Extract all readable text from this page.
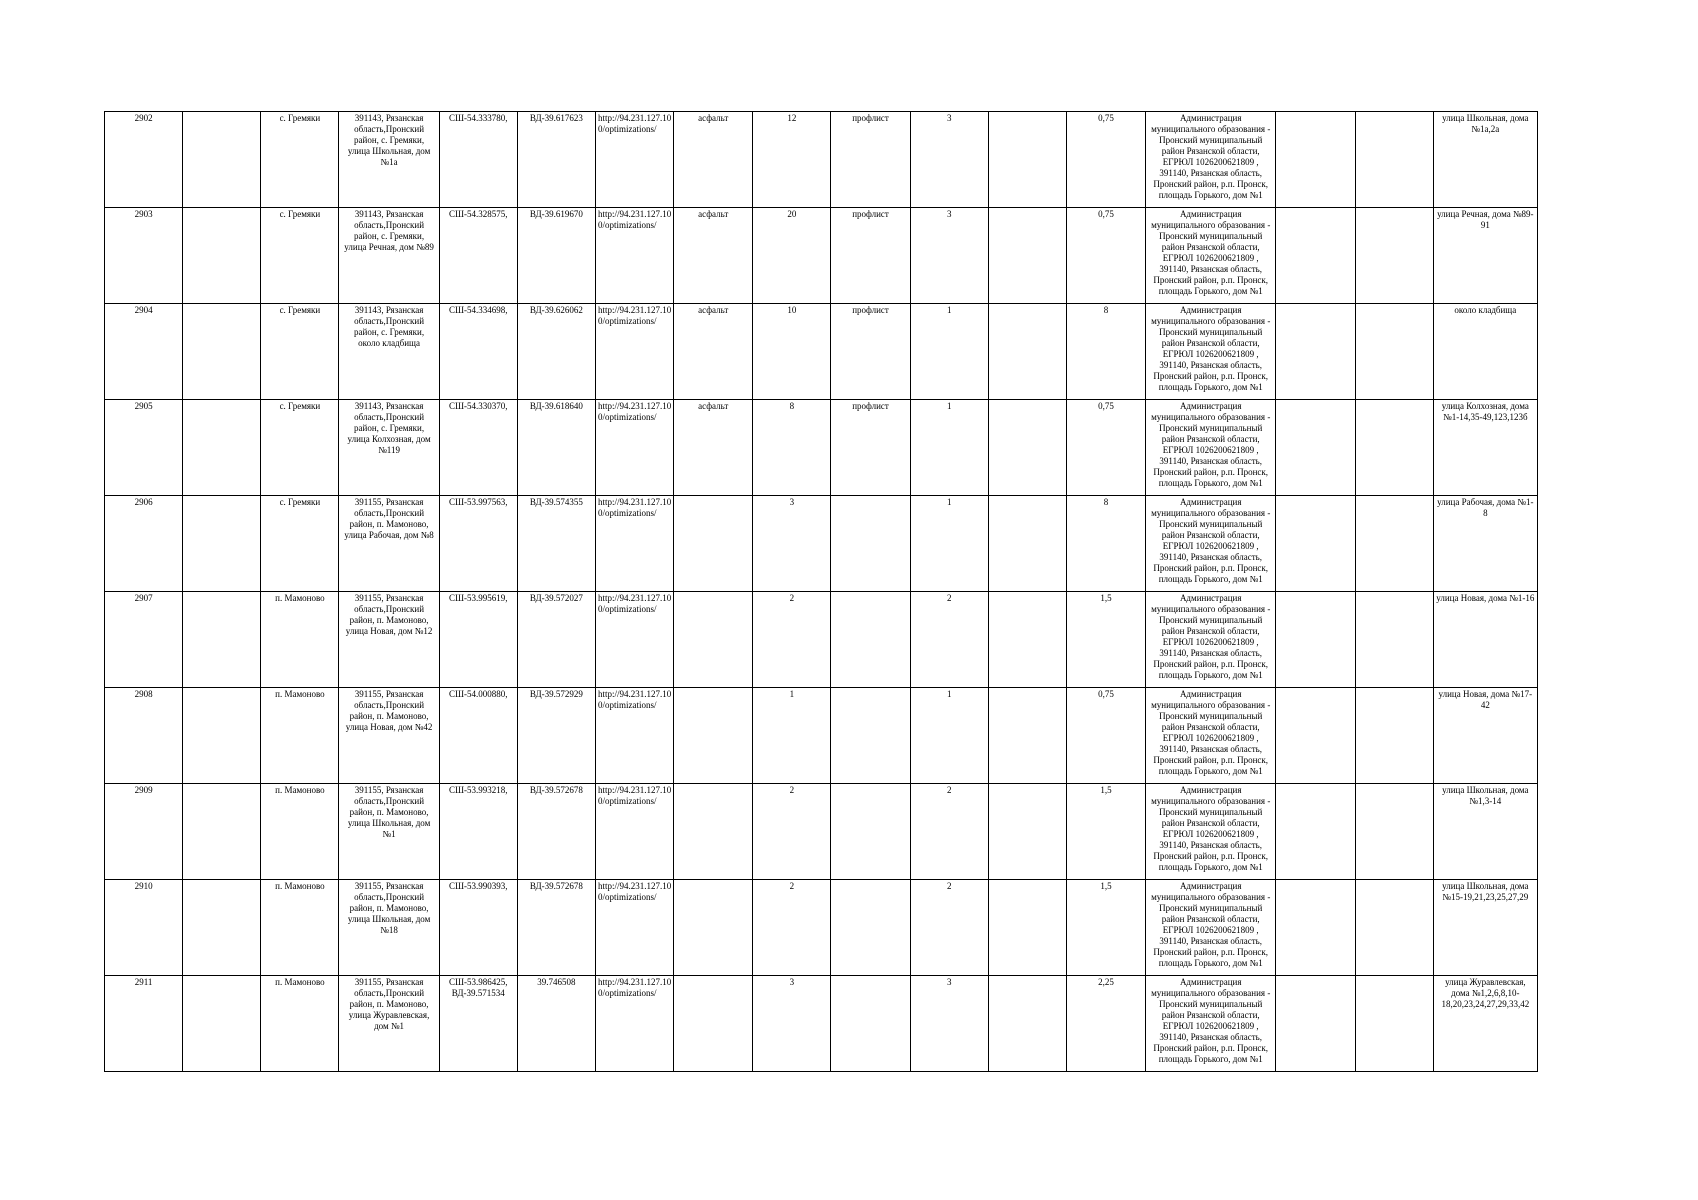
2902		с. Гремяки	391143, Рязанская область,Пронский район, с. Гремяки, улица Школьная, дом №1а	СШ-54.333780,	ВД-39.617623	http://94.231.127.10 0/optimizations/	асфальт	12	профлист	3		0,75	Администрация муниципального образования - Пронский муниципальный район Рязанской области, ЕГРЮЛ 1026200621809 , 391140, Рязанская область, Пронский район, р.п. Пронск, площадь Горького, дом №1			улица Школьная, дома №1а,2а
2903		с. Гремяки	391143, Рязанская область,Пронский район, с. Гремяки, улица Речная, дом №89	СШ-54.328575,	ВД-39.619670	http://94.231.127.10 0/optimizations/	асфальт	20	профлист	3		0,75	Администрация муниципального образования - Пронский муниципальный район Рязанской области, ЕГРЮЛ 1026200621809 , 391140, Рязанская область, Пронский район, р.п. Пронск, площадь Горького, дом №1			улица Речная, дома №89-91
2904		с. Гремяки	391143, Рязанская область,Пронский район, с. Гремяки, около кладбища	СШ-54.334698,	ВД-39.626062	http://94.231.127.10 0/optimizations/	асфальт	10	профлист	1		8	Администрация муниципального образования - Пронский муниципальный район Рязанской области, ЕГРЮЛ 1026200621809 , 391140, Рязанская область, Пронский район, р.п. Пронск, площадь Горького, дом №1			около кладбища
2905		с. Гремяки	391143, Рязанская область,Пронский район, с. Гремяки, улица Колхозная, дом №119	СШ-54.330370,	ВД-39.618640	http://94.231.127.10 0/optimizations/	асфальт	8	профлист	1		0,75	Администрация муниципального образования - Пронский муниципальный район Рязанской области, ЕГРЮЛ 1026200621809 , 391140, Рязанская область, Пронский район, р.п. Пронск, площадь Горького, дом №1			улица Колхозная, дома №1-14,35-49,123,123б
2906		с. Гремяки	391155, Рязанская область,Пронский район, п. Мамоново, улица Рабочая, дом №8	СШ-53.997563,	ВД-39.574355	http://94.231.127.10 0/optimizations/		3		1		8	Администрация муниципального образования - Пронский муниципальный район Рязанской области, ЕГРЮЛ 1026200621809 , 391140, Рязанская область, Пронский район, р.п. Пронск, площадь Горького, дом №1			улица Рабочая, дома №1-8
2907		п. Мамоново	391155, Рязанская область,Пронский район, п. Мамоново, улица Новая, дом №12	СШ-53.995619,	ВД-39.572027	http://94.231.127.10 0/optimizations/		2		2		1,5	Администрация муниципального образования - Пронский муниципальный район Рязанской области, ЕГРЮЛ 1026200621809 , 391140, Рязанская область, Пронский район, р.п. Пронск, площадь Горького, дом №1			улица Новая, дома №1-16
2908		п. Мамоново	391155, Рязанская область,Пронский район, п. Мамоново, улица Новая, дом №42	СШ-54.000880,	ВД-39.572929	http://94.231.127.10 0/optimizations/		1		1		0,75	Администрация муниципального образования - Пронский муниципальный район Рязанской области, ЕГРЮЛ 1026200621809 , 391140, Рязанская область, Пронский район, р.п. Пронск, площадь Горького, дом №1			улица Новая, дома №17-42
2909		п. Мамоново	391155, Рязанская область,Пронский район, п. Мамоново, улица Школьная, дом №1	СШ-53.993218,	ВД-39.572678	http://94.231.127.10 0/optimizations/		2		2		1,5	Администрация муниципального образования - Пронский муниципальный район Рязанской области, ЕГРЮЛ 1026200621809 , 391140, Рязанская область, Пронский район, р.п. Пронск, площадь Горького, дом №1			улица Школьная, дома №1,3-14
2910		п. Мамоново	391155, Рязанская область,Пронский район, п. Мамоново, улица Школьная, дом №18	СШ-53.990393,	ВД-39.572678	http://94.231.127.10 0/optimizations/		2		2		1,5	Администрация муниципального образования - Пронский муниципальный район Рязанской области, ЕГРЮЛ 1026200621809 , 391140, Рязанская область, Пронский район, р.п. Пронск, площадь Горького, дом №1			улица Школьная, дома №15-19,21,23,25,27,29
2911		п. Мамоново	391155, Рязанская область,Пронский район, п. Мамоново, улица Журавлевская, дом №1	СШ-53.986425, ВД-39.571534	39.746508	http://94.231.127.10 0/optimizations/		3		3		2,25	Администрация муниципального образования - Пронский муниципальный район Рязанской области, ЕГРЮЛ 1026200621809 , 391140, Рязанская область, Пронский район, р.п. Пронск, площадь Горького, дом №1			улица Журавлевская, дома №1,2,6,8,10-18,20,23,24,27,29,33,42
